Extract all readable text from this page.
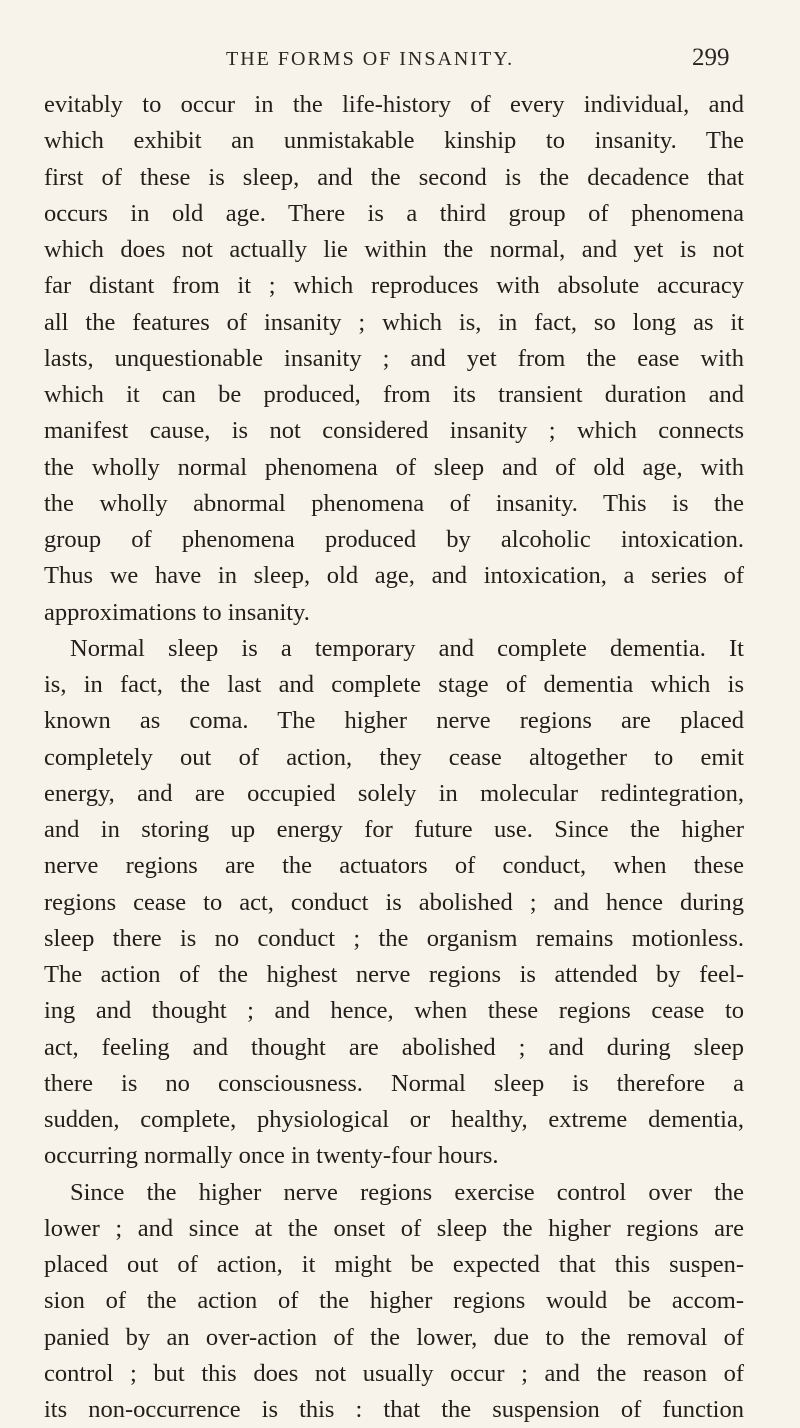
THE FORMS OF INSANITY.	299
evitably to occur in the life-history of every individual, and
which exhibit an unmistakable kinship to insanity. The
first of these is sleep, and the second is the decadence that
occurs in old age. There is a third group of phenomena
which does not actually lie within the normal, and yet is not
far distant from it ; which reproduces with absolute accuracy
all the features of insanity ; which is, in fact, so long as it
lasts, unquestionable insanity ; and yet from the ease with
which it can be produced, from its transient duration and
manifest cause, is not considered insanity ; which connects
the wholly normal phenomena of sleep and of old age, with
the wholly abnormal phenomena of insanity. This is the
group of phenomena produced by alcoholic intoxication.
Thus we have in sleep, old age, and intoxication, a series of
approximations to insanity.
Normal sleep is a temporary and complete dementia. It
is, in fact, the last and complete stage of dementia which is
known as coma. The higher nerve regions are placed
completely out of action, they cease altogether to emit
energy, and are occupied solely in molecular redintegration,
and in storing up energy for future use. Since the higher
nerve regions are the actuators of conduct, when these
regions cease to act, conduct is abolished ; and hence during
sleep there is no conduct ; the organism remains motionless.
The action of the highest nerve regions is attended by feel-
ing and thought ; and hence, when these regions cease to
act, feeling and thought are abolished ; and during sleep
there is no consciousness. Normal sleep is therefore a
sudden, complete, physiological or healthy, extreme dementia,
occurring normally once in twenty-four hours.
Since the higher nerve regions exercise control over the
lower ; and since at the onset of sleep the higher regions are
placed out of action, it might be expected that this suspen-
sion of the action of the higher regions would be accom-
panied by an over-action of the lower, due to the removal of
control ; but this does not usually occur ; and the reason of
its non-occurrence is this : that the suspension of function
